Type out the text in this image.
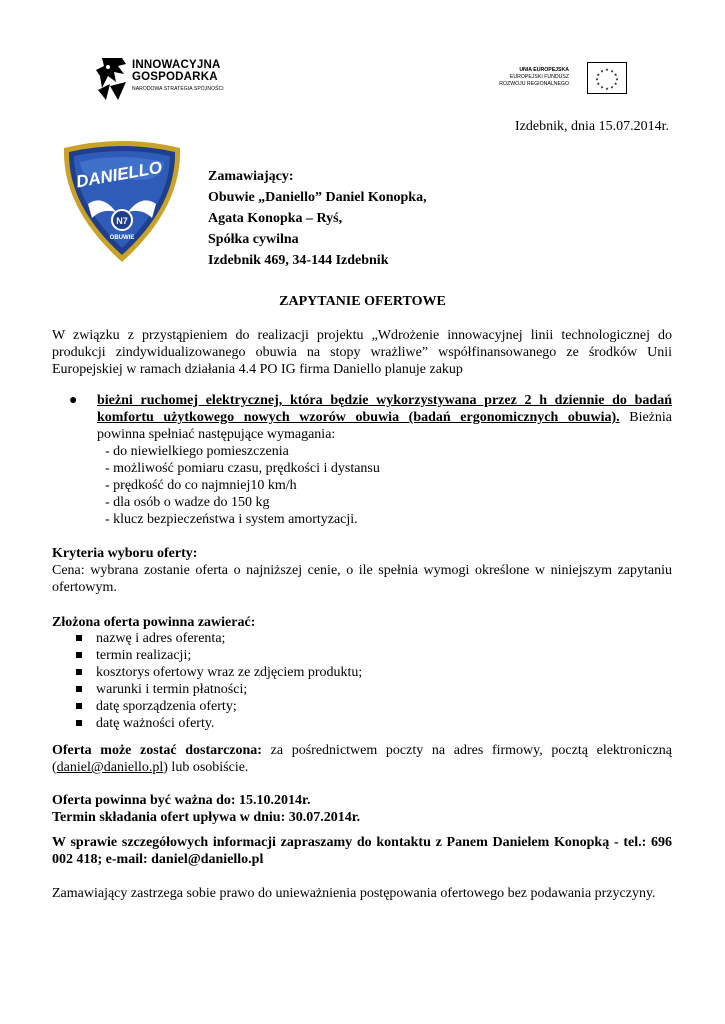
INNOWACYJNA
GOSPODARKA
NARODOWA STRATEGIA SPÓJNOŚCI
UNIA EUROPEJSKA
EUROPEJSKI FUNDUSZ
ROZWOJU REGIONALNEGO
★ ★
★
★
★
★
★
★
★
★
★
★
Izdebnik, dnia 15.07.2014r.
DANIELLO
N7
OBUWIE
Zamawiający:
Obuwie „Daniello” Daniel Konopka,
Agata Konopka – Ryś,
Spółka cywilna
Izdebnik 469, 34-144 Izdebnik
ZAPYTANIE OFERTOWE
W związku z przystąpieniem do realizacji projektu „Wdrożenie innowacyjnej linii technologicznej do produkcji zindywidualizowanego obuwia na stopy wrażliwe” współfinansowanego ze środków Unii Europejskiej w ramach działania 4.4 PO IG firma Daniello planuje zakup
● bieżni ruchomej elektrycznej, która będzie wykorzystywana przez 2 h dziennie do badań komfortu użytkowego nowych wzorów obuwia (badań ergonomicznych obuwia). Bieżnia powinna spełniać następujące wymagania:
- do niewielkiego pomieszczenia
- możliwość pomiaru czasu, prędkości i dystansu
- prędkość do co najmniej10 km/h
- dla osób o wadze do 150 kg
- klucz bezpieczeństwa i system amortyzacji.
Kryteria wyboru oferty:
Cena: wybrana zostanie oferta o najniższej cenie, o ile spełnia wymogi określone w niniejszym zapytaniu ofertowym.
Złożona oferta powinna zawierać:
nazwę i adres oferenta;
termin realizacji;
kosztorys ofertowy wraz ze zdjęciem produktu;
warunki i termin płatności;
datę sporządzenia oferty;
datę ważności oferty.
Oferta może zostać dostarczona: za pośrednictwem poczty na adres firmowy, pocztą elektroniczną (daniel@daniello.pl) lub osobiście.
Oferta powinna być ważna do: 15.10.2014r.
Termin składania ofert upływa w dniu: 30.07.2014r.
W sprawie szczegółowych informacji zapraszamy do kontaktu z Panem Danielem Konopką - tel.: 696 002 418; e-mail: daniel@daniello.pl
Zamawiający zastrzega sobie prawo do unieważnienia postępowania ofertowego bez podawania przyczyny.
